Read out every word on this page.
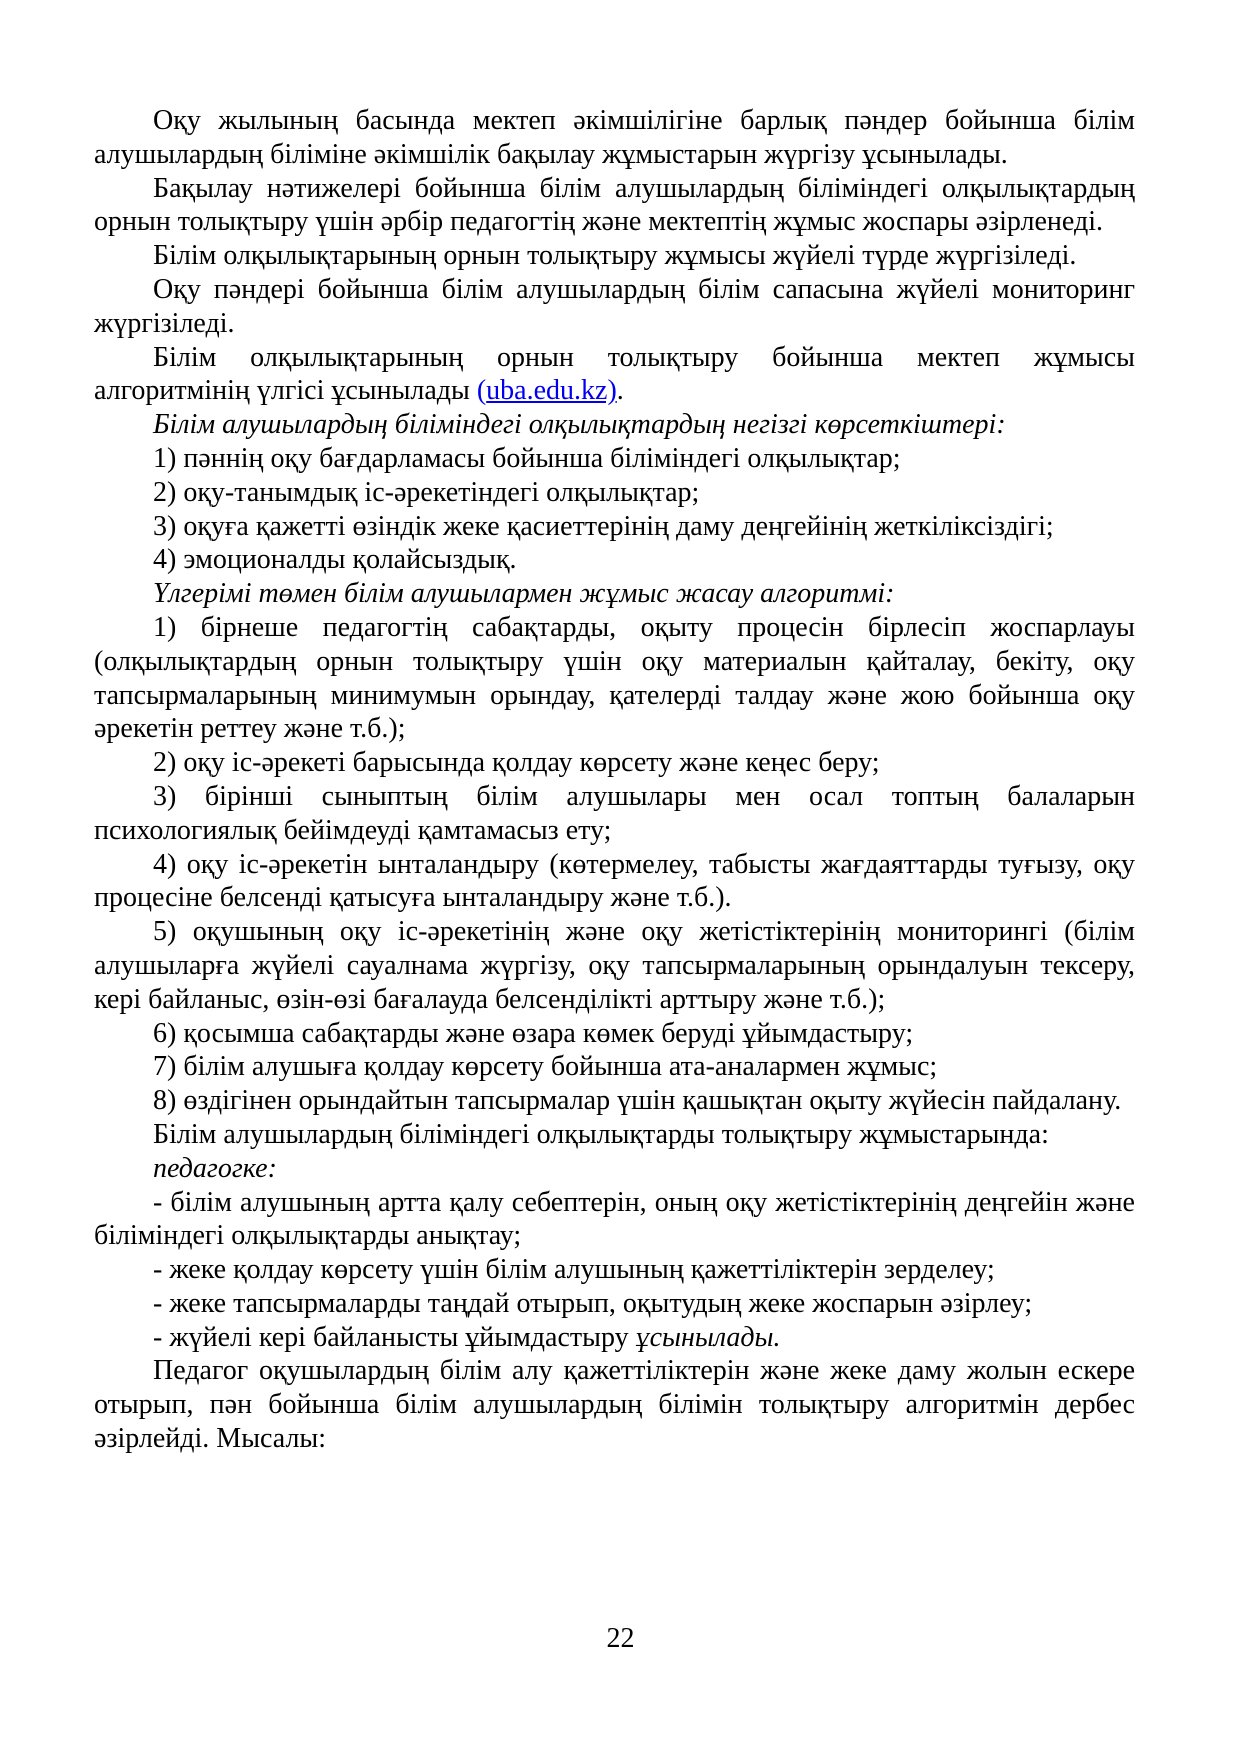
Оқу жылының басында мектеп әкімшілігіне барлық пәндер бойынша білім алушылардың біліміне әкімшілік бақылау жұмыстарын жүргізу ұсынылады.

Бақылау нәтижелері бойынша білім алушылардың біліміндегі олқылықтардың орнын толықтыру үшін әрбір педагогтің және мектептің жұмыс жоспары әзірленеді.

Білім олқылықтарының орнын толықтыру жұмысы жүйелі түрде жүргізіледі.

Оқу пәндері бойынша білім алушылардың білім сапасына жүйелі мониторинг жүргізіледі.

Білім олқылықтарының орнын толықтыру бойынша мектеп жұмысы алгоритмінің үлгісі ұсынылады (uba.edu.kz).

Білім алушылардың біліміндегі олқылықтардың негізгі көрсеткіштері:

1) пәннің оқу бағдарламасы бойынша біліміндегі олқылықтар;

2) оқу-танымдық іс-әрекетіндегі олқылықтар;

3) оқуға қажетті өзіндік жеке қасиеттерінің даму деңгейінің жеткіліксіздігі;

4) эмоционалды қолайсыздық.

Үлгерімі төмен білім алушылармен жұмыс жасау алгоритмі:

1) бірнеше педагогтің сабақтарды, оқыту процесін бірлесіп жоспарлауы (олқылықтардың орнын толықтыру үшін оқу материалын қайталау, бекіту, оқу тапсырмаларының минимумын орындау, қателерді талдау және жою бойынша оқу әрекетін реттеу және т.б.);

2) оқу іс-әрекеті барысында қолдау көрсету және кеңес беру;

3) бірінші сыныптың білім алушылары мен осал топтың балаларын психологиялық бейімдеуді қамтамасыз ету;

4) оқу іс-әрекетін ынталандыру (көтермелеу, табысты жағдаяттарды туғызу, оқу процесіне белсенді қатысуға ынталандыру және т.б.).

5) оқушының оқу іс-әрекетінің және оқу жетістіктерінің мониторингі (білім алушыларға жүйелі сауалнама жүргізу, оқу тапсырмаларының орындалуын тексеру, кері байланыс, өзін-өзі бағалауда белсенділікті арттыру және т.б.);

6) қосымша сабақтарды және өзара көмек беруді ұйымдастыру;

7) білім алушыға қолдау көрсету бойынша ата-аналармен жұмыс;

8) өздігінен орындайтын тапсырмалар үшін қашықтан оқыту жүйесін пайдалану.

Білім алушылардың біліміндегі олқылықтарды толықтыру жұмыстарында:

педагогке:

- білім алушының артта қалу себептерін, оның оқу жетістіктерінің деңгейін және біліміндегі олқылықтарды анықтау;

- жеке қолдау көрсету үшін білім алушының қажеттіліктерін зерделеу;

- жеке тапсырмаларды таңдай отырып, оқытудың жеке жоспарын әзірлеу;

- жүйелі кері байланысты ұйымдастыру ұсынылады.

Педагог оқушылардың білім алу қажеттіліктерін және жеке даму жолын ескере отырып, пән бойынша білім алушылардың білімін толықтыру алгоритмін дербес әзірлейді. Мысалы:

22
